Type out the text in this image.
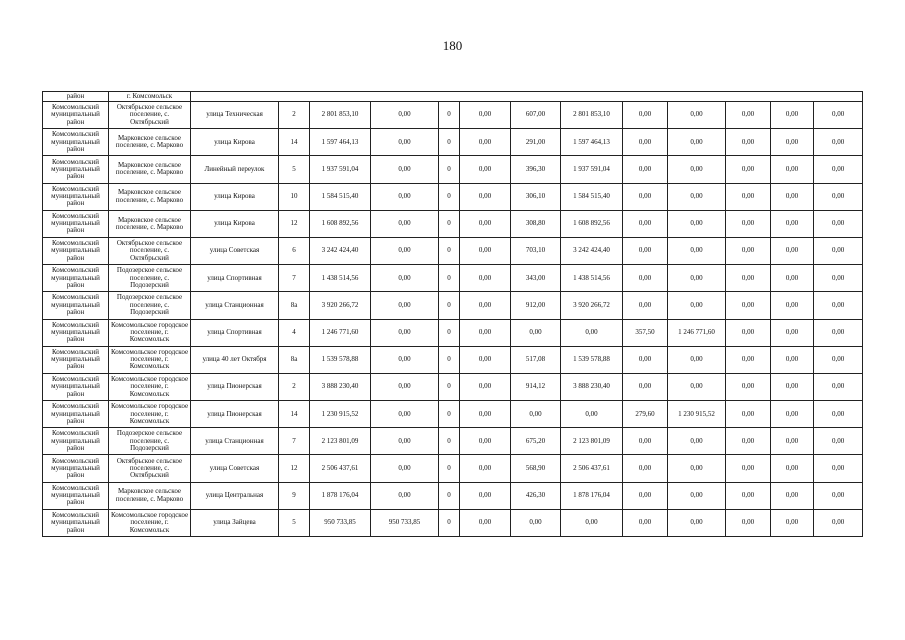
180
район	г. Комсомольск													
Комсомольский муниципальный район	Октябрьское сельское поселение, с. Октябрьский	улица Техническая	2	2 801 853,10	0,00	0	0,00	607,00	2 801 853,10	0,00	0,00	0,00	0,00	0,00
Комсомольский муниципальный район	Марковское сельское поселение, с. Марково	улица Кирова	14	1 597 464,13	0,00	0	0,00	291,00	1 597 464,13	0,00	0,00	0,00	0,00	0,00
Комсомольский муниципальный район	Марковское сельское поселение, с. Марково	Линейный переулок	5	1 937 591,04	0,00	0	0,00	396,30	1 937 591,04	0,00	0,00	0,00	0,00	0,00
Комсомольский муниципальный район	Марковское сельское поселение, с. Марково	улица Кирова	10	1 584 515,40	0,00	0	0,00	306,10	1 584 515,40	0,00	0,00	0,00	0,00	0,00
Комсомольский муниципальный район	Марковское сельское поселение, с. Марково	улица Кирова	12	1 608 892,56	0,00	0	0,00	308,80	1 608 892,56	0,00	0,00	0,00	0,00	0,00
Комсомольский муниципальный район	Октябрьское сельское поселение, с. Октябрьский	улица Советская	6	3 242 424,40	0,00	0	0,00	703,10	3 242 424,40	0,00	0,00	0,00	0,00	0,00
Комсомольский муниципальный район	Подозерское сельское поселение, с. Подозерский	улица Спортивная	7	1 438 514,56	0,00	0	0,00	343,00	1 438 514,56	0,00	0,00	0,00	0,00	0,00
Комсомольский муниципальный район	Подозерское сельское поселение, с. Подозерский	улица Станционная	8а	3 920 266,72	0,00	0	0,00	912,00	3 920 266,72	0,00	0,00	0,00	0,00	0,00
Комсомольский муниципальный район	Комсомольское городское поселение, г. Комсомольск	улица Спортивная	4	1 246 771,60	0,00	0	0,00	0,00	0,00	357,50	1 246 771,60	0,00	0,00	0,00
Комсомольский муниципальный район	Комсомольское городское поселение, г. Комсомольск	улица 40 лет Октября	8а	1 539 578,88	0,00	0	0,00	517,08	1 539 578,88	0,00	0,00	0,00	0,00	0,00
Комсомольский муниципальный район	Комсомольское городское поселение, г. Комсомольск	улица Пионерская	2	3 888 230,40	0,00	0	0,00	914,12	3 888 230,40	0,00	0,00	0,00	0,00	0,00
Комсомольский муниципальный район	Комсомольское городское поселение, г. Комсомольск	улица Пионерская	14	1 230 915,52	0,00	0	0,00	0,00	0,00	279,60	1 230 915,52	0,00	0,00	0,00
Комсомольский муниципальный район	Подозерское сельское поселение, с. Подозерский	улица Станционная	7	2 123 801,09	0,00	0	0,00	675,20	2 123 801,09	0,00	0,00	0,00	0,00	0,00
Комсомольский муниципальный район	Октябрьское сельское поселение, с. Октябрьский	улица Советская	12	2 506 437,61	0,00	0	0,00	568,90	2 506 437,61	0,00	0,00	0,00	0,00	0,00
Комсомольский муниципальный район	Марковское сельское поселение, с. Марково	улица Центральная	9	1 878 176,04	0,00	0	0,00	426,30	1 878 176,04	0,00	0,00	0,00	0,00	0,00
Комсомольский муниципальный район	Комсомольское городское поселение, г. Комсомольск	улица Зайцева	5	950 733,85	950 733,85	0	0,00	0,00	0,00	0,00	0,00	0,00	0,00	0,00
